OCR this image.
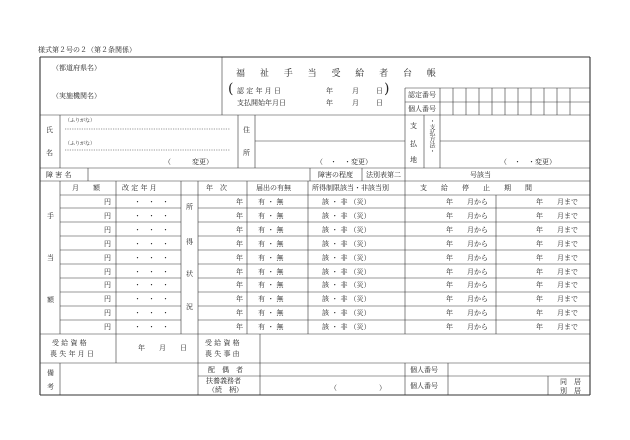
様式第２号の２（第２条関係）
（都道府県名）
（実施機関名）
福 祉 手 当 受 給 者 台 帳
(	)
認 定 年 月 日
支払開始年月日
年	月 日
年	月 日
認定番号
個人番号
氏
名
（ふりがな）
（ふりがな）
（　　　変更）
住
所
（　・　・変更）
支
払
地
・支払方法・
（　・　・変更）
障 害 名	障害の程度 法別表第二	号該当
手
当
額
月　　額	改 定 年 月	年　次	届出の有無	所得制限該当・非該当別	支　　給　　停　　止　　期　　間
所
得
状
況
円	・　・　・	年 有 ・ 無	該 ・ 非 （災）	年　　月から	年　　月まで
円	・　・　・	年 有 ・ 無	該 ・ 非 （災）	年　　月から	年　　月まで
円	・　・　・	年 有 ・ 無	該 ・ 非 （災）	年　　月から	年　　月まで
円	・　・　・	年 有 ・ 無	該 ・ 非 （災）	年　　月から	年　　月まで
円	・　・　・	年 有 ・ 無	該 ・ 非 （災）	年　　月から	年　　月まで
円	・　・　・	年 有 ・ 無	該 ・ 非 （災）	年　　月から	年　　月まで
円	・　・　・	年 有 ・ 無	該 ・ 非 （災）	年　　月から	年　　月まで
円	・　・　・	年 有 ・ 無	該 ・ 非 （災）	年　　月から	年　　月まで
円	・　・　・	年 有 ・ 無	該 ・ 非 （災）	年　　月から	年　　月まで
円	・　・　・	年 有 ・ 無	該 ・ 非 （災）	年　　月から	年　　月まで
受 給 資 格
喪 失 年 月 日
年　　月　　日
受 給 資 格
喪 失 事 由
備
考
配　偶　者
扶養義務者
（続　柄）	（　　　　　　）
個人番号
個人番号	同　居
別　居
